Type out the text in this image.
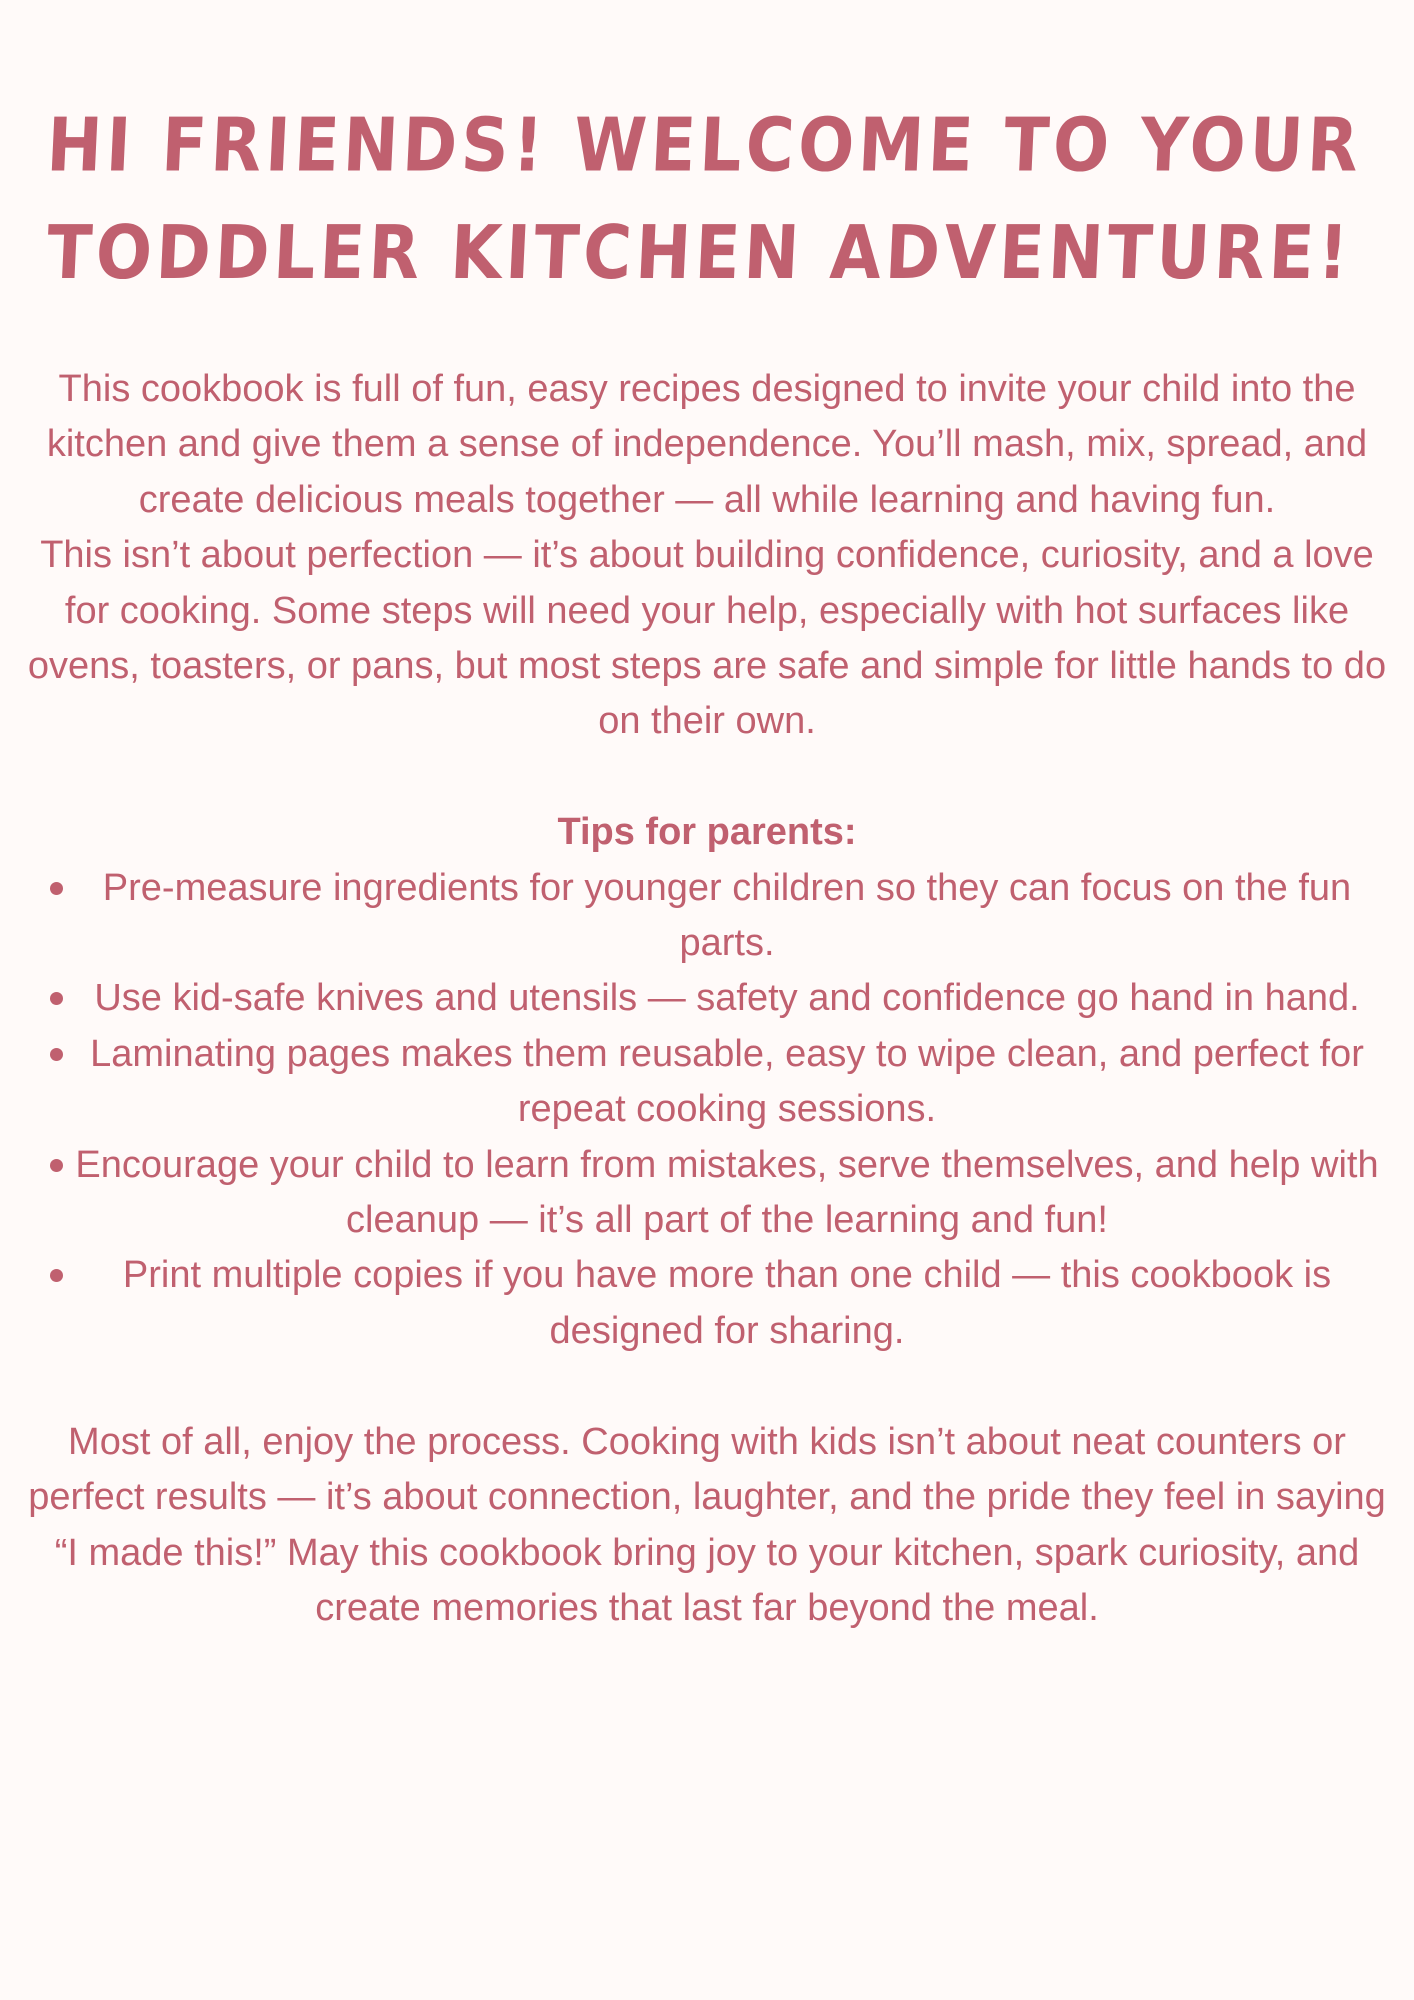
HI FRIENDS! WELCOME TO YOUR
TODDLER KITCHEN ADVENTURE!

This cookbook is full of fun, easy recipes designed to invite your child into the kitchen and give them a sense of independence. You’ll mash, mix, spread, and create delicious meals together — all while learning and having fun.

This isn’t about perfection — it’s about building confidence, curiosity, and a love for cooking. Some steps will need your help, especially with hot surfaces like ovens, toasters, or pans, but most steps are safe and simple for little hands to do on their own.

Tips for parents:

Pre-measure ingredients for younger children so they can focus on the fun parts.
Use kid-safe knives and utensils — safety and confidence go hand in hand.
Laminating pages makes them reusable, easy to wipe clean, and perfect for repeat cooking sessions.
Encourage your child to learn from mistakes, serve themselves, and help with cleanup — it’s all part of the learning and fun!
Print multiple copies if you have more than one child — this cookbook is designed for sharing.

Most of all, enjoy the process. Cooking with kids isn’t about neat counters or perfect results — it’s about connection, laughter, and the pride they feel in saying “I made this!” May this cookbook bring joy to your kitchen, spark curiosity, and create memories that last far beyond the meal.
